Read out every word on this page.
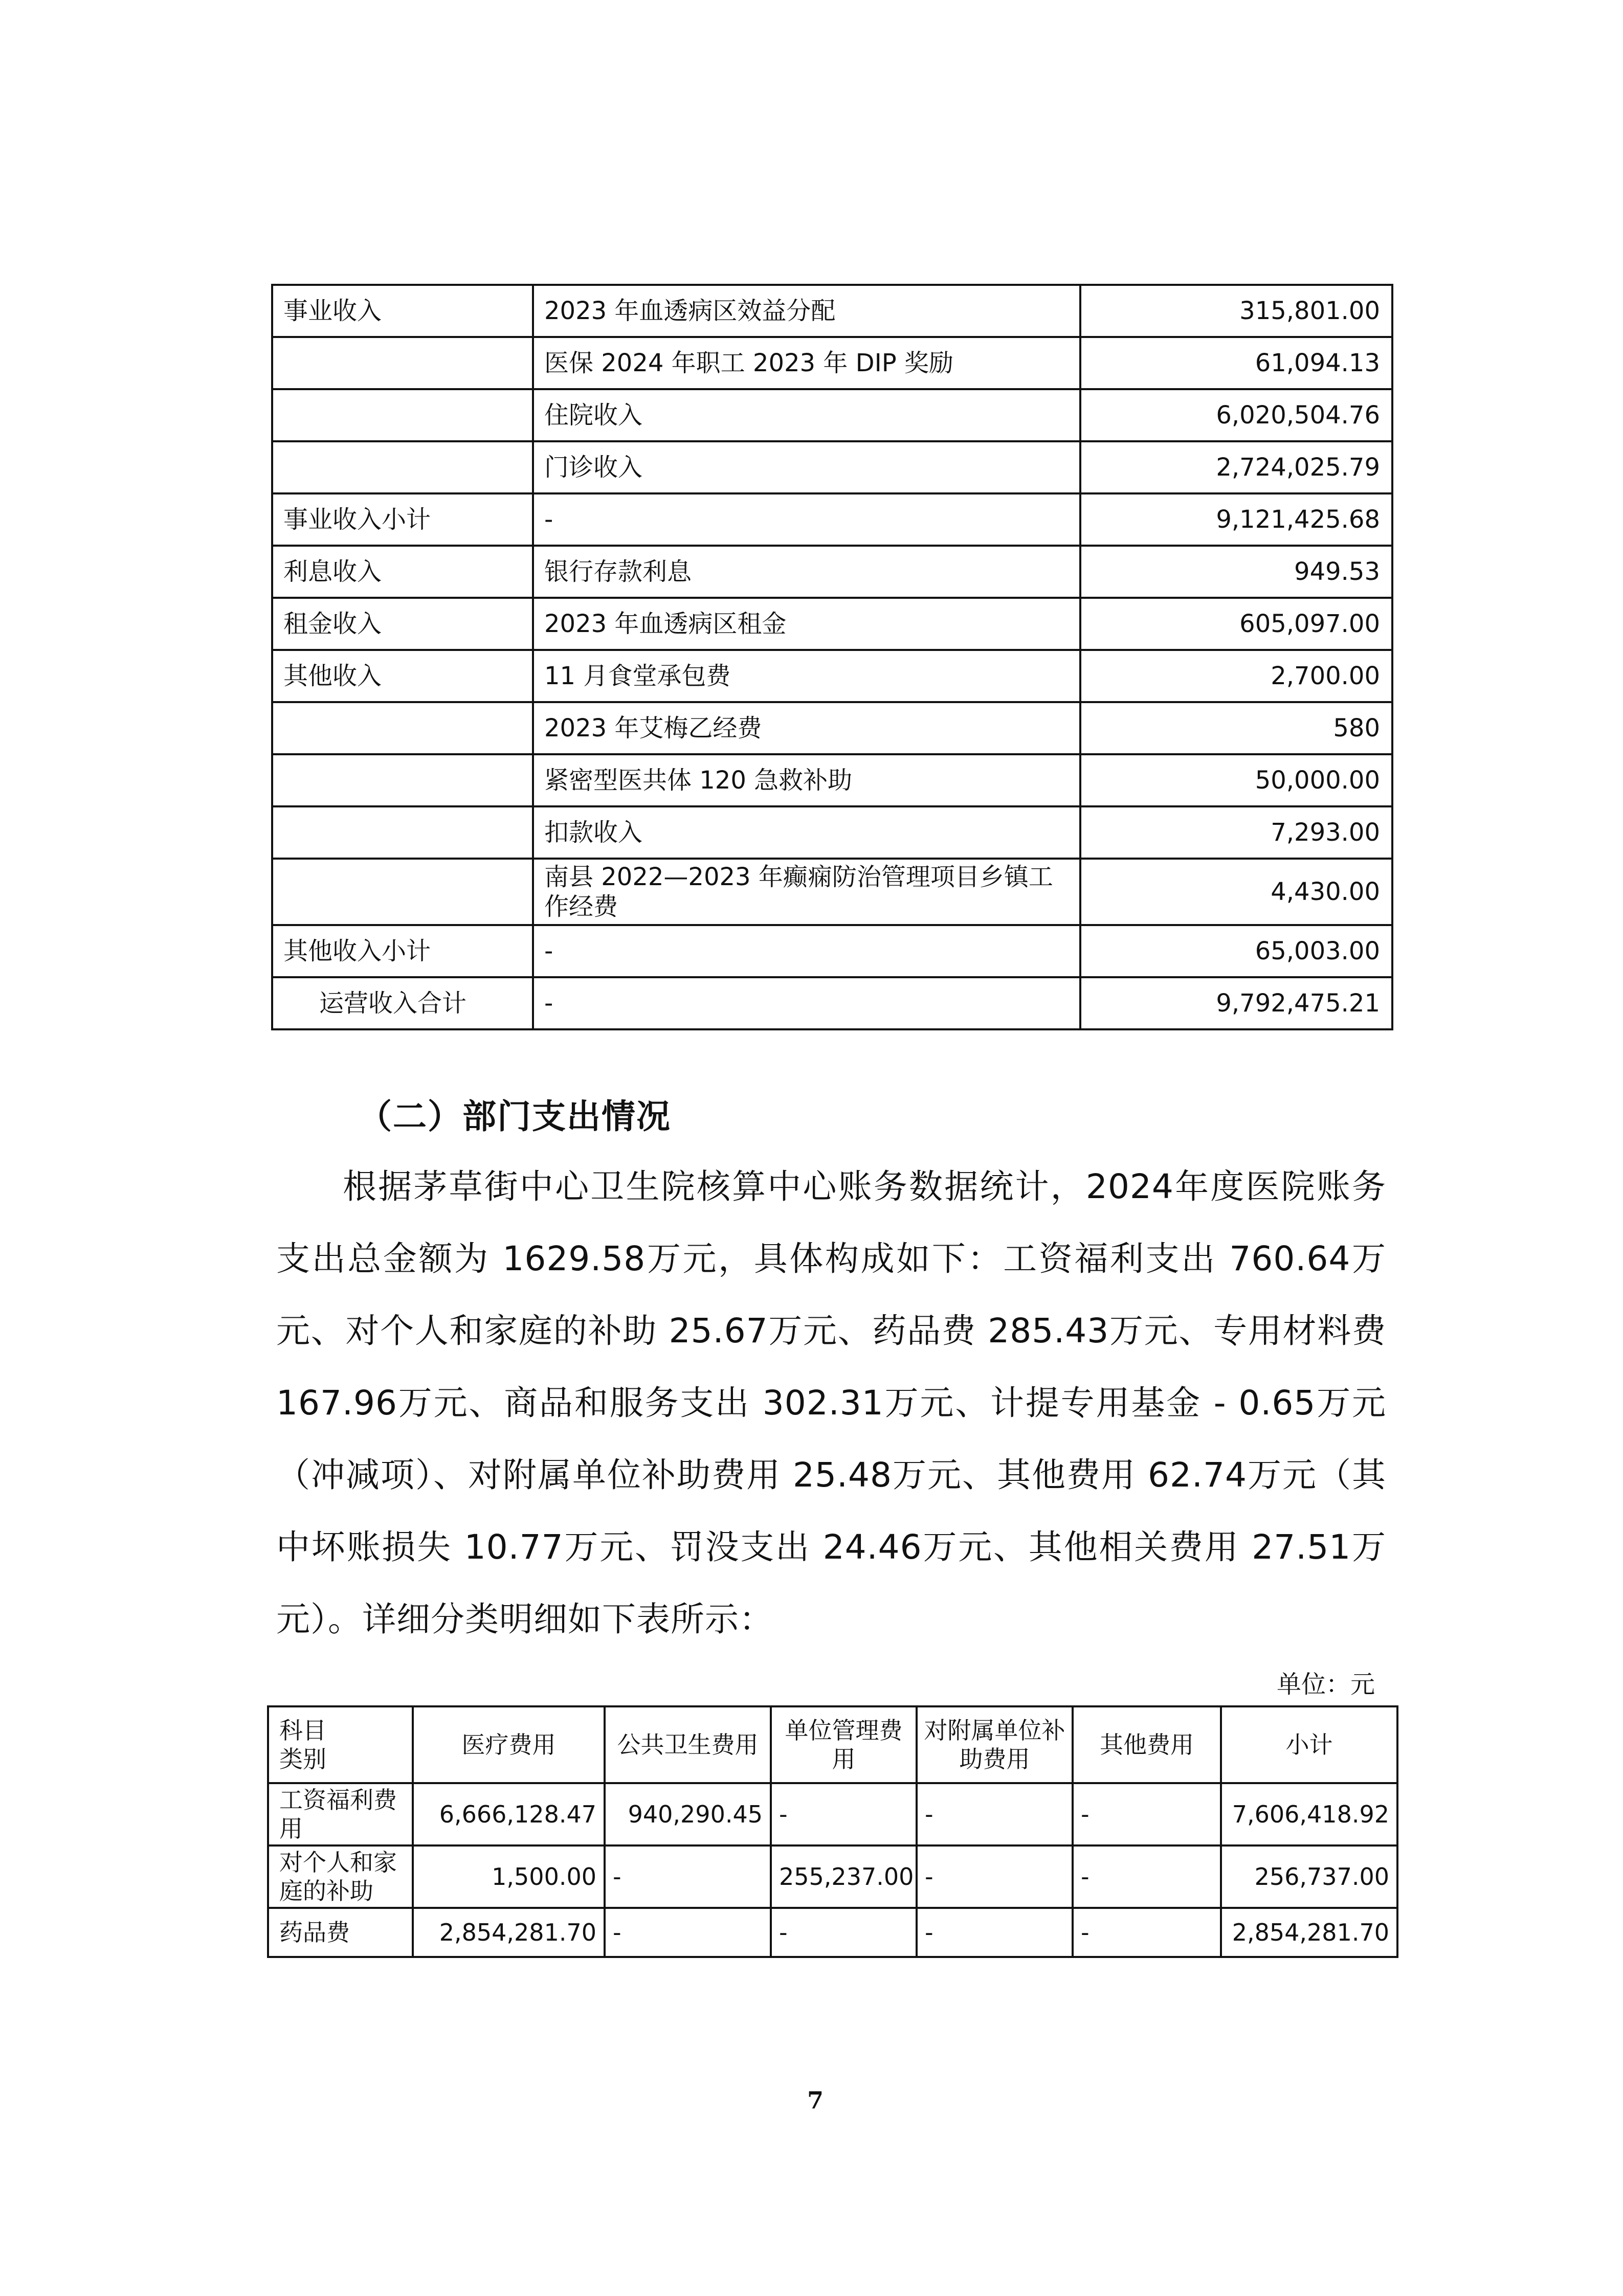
事业收入	2023 年血透病区效益分配	315,801.00
	医保 2024 年职工 2023 年 DIP 奖励	61,094.13
	住院收入	6,020,504.76
	门诊收入	2,724,025.79
事业收入小计	-	9,121,425.68
利息收入	银行存款利息	949.53
租金收入	2023 年血透病区租金	605,097.00
其他收入	11 月食堂承包费	2,700.00
	2023 年艾梅乙经费	580
	紧密型医共体 120 急救补助	50,000.00
	扣款收入	7,293.00
	南县 2022—2023 年癫痫防治管理项目乡镇工作经费	4,430.00
其他收入小计	-	65,003.00
运营收入合计	-	9,792,475.21
（二）部门支出情况
根据茅草街中心卫生院核算中心账务数据统计，2024年度医院账务支出总金额为 1629.58万元，具体构成如下：工资福利支出 760.64万元、对个人和家庭的补助 25.67万元、药品费 285.43万元、专用材料费 167.96万元、商品和服务支出 302.31万元、计提专用基金 - 0.65万元（冲减项）、对附属单位补助费用 25.48万元、其他费用 62.74万元（其中坏账损失 10.77万元、罚没支出 24.46万元、其他相关费用 27.51万元）。详细分类明细如下表所示：
单位：元
科目
类别	医疗费用	公共卫生费用	单位管理费用	对附属单位补助费用	其他费用	小计
工资福利费用	6,666,128.47	940,290.45	-	-	-	7,606,418.92
对个人和家庭的补助	1,500.00	-	255,237.00	-	-	256,737.00
药品费	2,854,281.70	-	-	-	-	2,854,281.70
7
